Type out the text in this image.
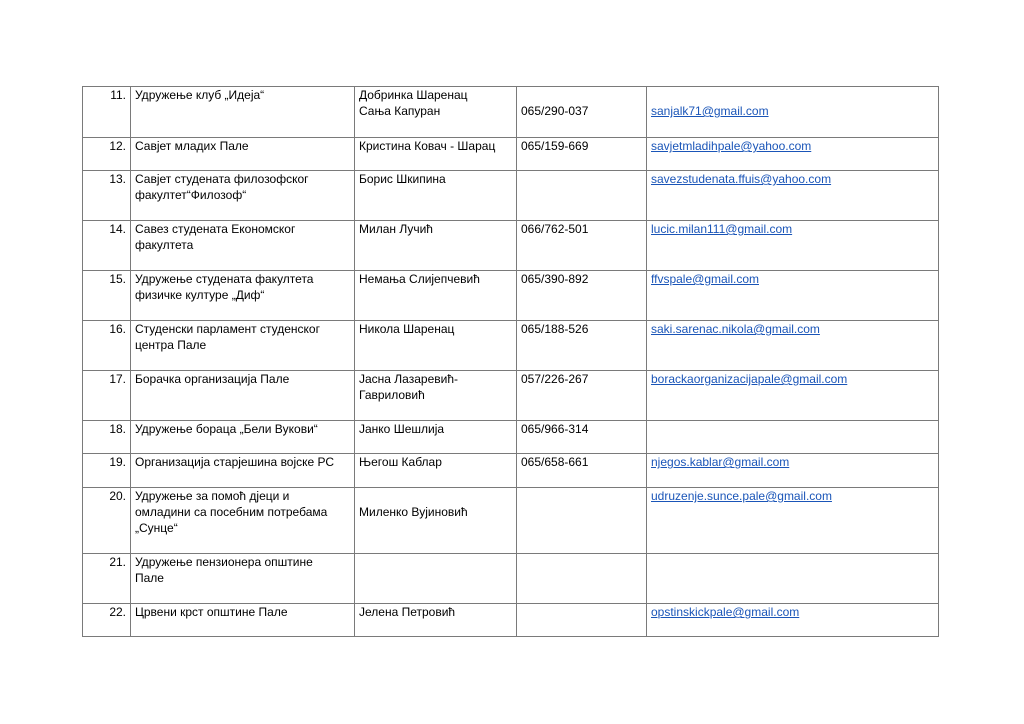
11.	Удружење клуб „Идеја“	Добринка Шаренац
Сања Капуран	065/290-037	sanjalk71@gmail.com
12.	Савјет младих Пале	Кристина Ковач - Шарац	065/159-669	savjetmladihpale@yahoo.com
13.	Савјет студената филозофског
факултет“Филозоф“	Борис Шкипина		savezstudenata.ffuis@yahoo.com
14.	Савез студената Економског
факултета	Милан Лучић	066/762-501	lucic.milan111@gmail.com
15.	Удружење студената факултета
физичке културе „Диф“	Немања Слијепчевић	065/390-892	ffvspale@gmail.com
16.	Студенски парламент студенског
центра Пале	Никола Шаренац	065/188-526	saki.sarenac.nikola@gmail.com
17.	Борачка организација Пале	Јасна Лазаревић-
Гавриловић	057/226-267	borackaorganizacijapale@gmail.com
18.	Удружење бораца „Бели Вукови“	Јанко Шешлија	065/966-314	
19.	Организација старјешина војске РС	Његош Каблар	065/658-661	njegos.kablar@gmail.com
20.	Удружење за помоћ дјеци и
омладини са посебним потребама
„Сунце“	Миленко Вујиновић		udruzenje.sunce.pale@gmail.com
21.	Удружење пензионера општине
Пале			
22.	Црвени крст општине Пале	Јелена Петровић		opstinskickpale@gmail.com
